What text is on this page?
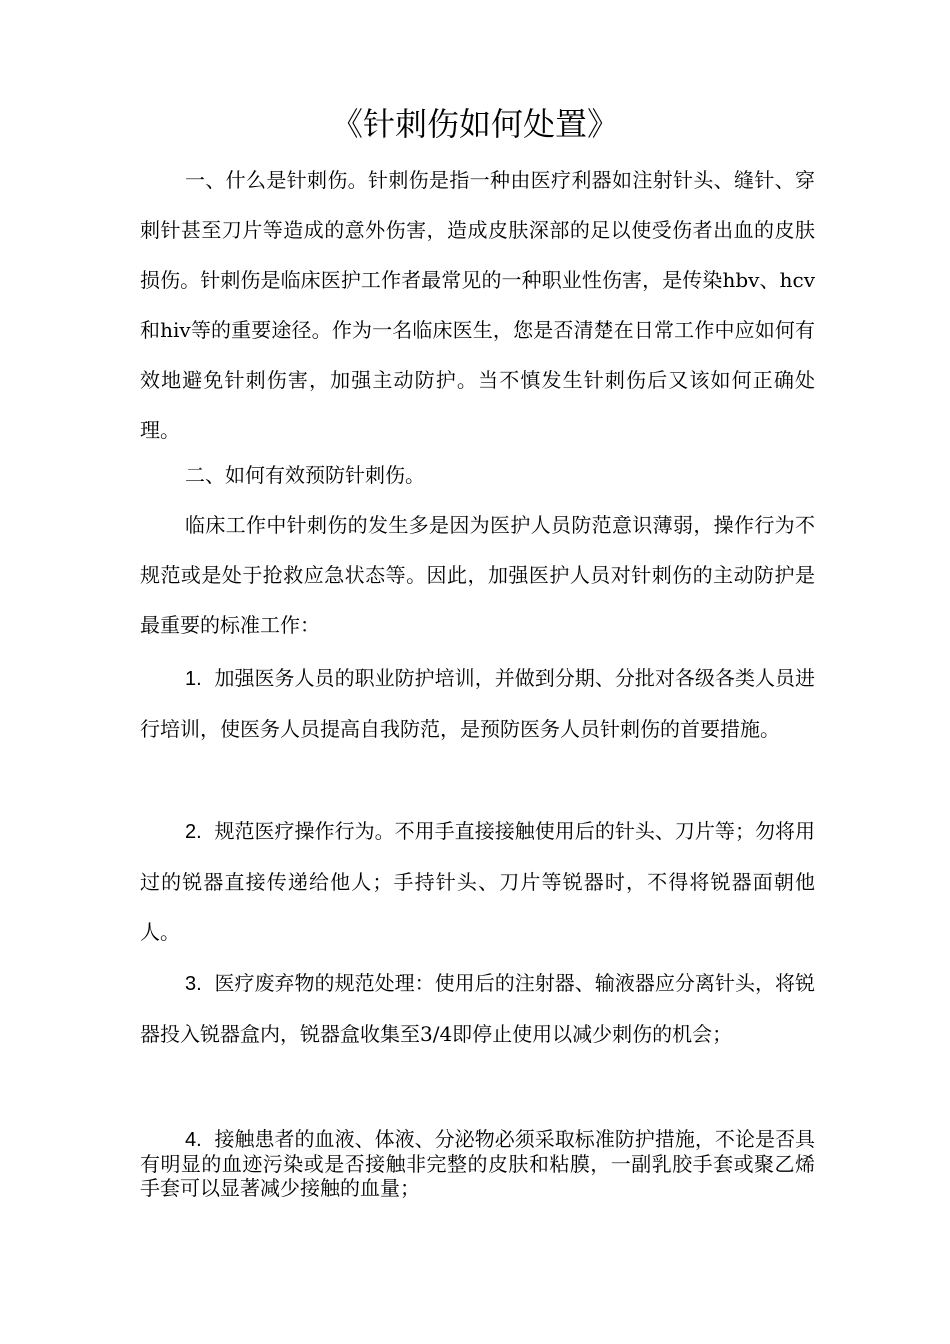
《针刺伤如何处置》

一、什么是针刺伤。针刺伤是指一种由医疗利器如注射针头、缝针、穿刺针甚至刀片等造成的意外伤害，造成皮肤深部的足以使受伤者出血的皮肤损伤。针刺伤是临床医护工作者最常见的一种职业性伤害，是传染hbv、hcv和hiv等的重要途径。作为一名临床医生，您是否清楚在日常工作中应如何有效地避免针刺伤害，加强主动防护。当不慎发生针刺伤后又该如何正确处理。

二、如何有效预防针刺伤。

临床工作中针刺伤的发生多是因为医护人员防范意识薄弱，操作行为不规范或是处于抢救应急状态等。因此，加强医护人员对针刺伤的主动防护是最重要的标准工作：

1. 加强医务人员的职业防护培训，并做到分期、分批对各级各类人员进行培训，使医务人员提高自我防范，是预防医务人员针刺伤的首要措施。

2. 规范医疗操作行为。不用手直接接触使用后的针头、刀片等；勿将用过的锐器直接传递给他人；手持针头、刀片等锐器时，不得将锐器面朝他人。

3. 医疗废弃物的规范处理：使用后的注射器、输液器应分离针头，将锐器投入锐器盒内，锐器盒收集至3/4即停止使用以减少刺伤的机会；

4. 接触患者的血液、体液、分泌物必须采取标准防护措施，不论是否具有明显的血迹污染或是否接触非完整的皮肤和粘膜，一副乳胶手套或聚乙烯手套可以显著减少接触的血量；
